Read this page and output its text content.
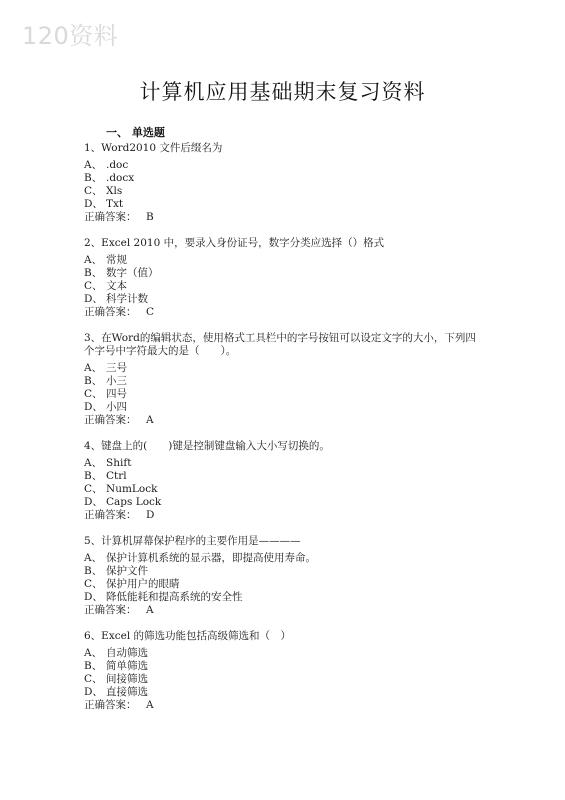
120资料
计算机应用基础期末复习资料
一、 单选题
1、Word2010 文件后缀名为
A、 .doc
B、 .docx
C、 Xls
D、 Txt
正确答案： B
2、Excel 2010 中，要录入身份证号，数字分类应选择（）格式
A、 常规
B、 数字（值）
C、 文本
D、 科学计数
正确答案： C
3、在Word的编辑状态，使用格式工具栏中的字号按钮可以设定文字的大小，下列四个字号中字符最大的是（　　）。
A、 三号
B、 小三
C、 四号
D、 小四
正确答案： A
4、键盘上的(　　)键是控制键盘输入大小写切换的。
A、 Shift
B、 Ctrl
C、 NumLock
D、 Caps Lock
正确答案： D
5、计算机屏幕保护程序的主要作用是————
A、 保护计算机系统的显示器，即提高使用寿命。
B、 保护文件
C、 保护用户的眼睛
D、 降低能耗和提高系统的安全性
正确答案： A
6、Excel 的筛选功能包括高级筛选和（　）
A、 自动筛选
B、 简单筛选
C、 间接筛选
D、 直接筛选
正确答案： A
